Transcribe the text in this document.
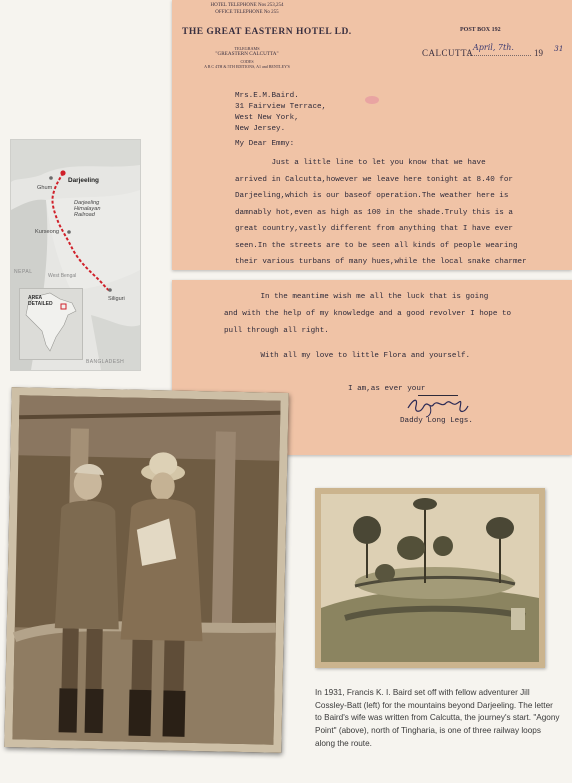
HOTEL TELEPHONE Nos 253,254
OFFICE TELEPHONE No 255
THE GREAT EASTERN HOTEL LD.
TELEGRAMS
"GREASTERN CALCUTTA"
CODES
A B C 4TH & 5TH EDITIONS, A1 and BENTLEY'S
POST BOX 192
CALCUTTA
April, 7th.
19 31
Mrs.E.M.Baird.
31 Fairview Terrace,
West New York,
New Jersey.
My Dear Emmy:
Just a little line to let you know that we have
arrived in Calcutta,however we leave here tonight at 8.40 for
Darjeeling,which is our baseof operation.The weather here is
damnably hot,even as high as 100 in the shade.Truly this is a
great country,vastly different from anything that I have ever
seen.In the streets are to be seen all kinds of people wearing
their various turbans of many hues,while the local snake charmer
In the meantime wish me all the luck that is going
and with the help of my knowledge and a good revolver I hope to
pull through all right.
With all my love to little Flora and yourself.
I am,as ever your
Daddy Long Legs.
Ghum
Darjeeling
Darjeeling
Himalayan
Railroad
Kurseong
NEPAL
West Bengal
Siliguri
BANGLADESH
AREA
DETAILED
In 1931, Francis K. I. Baird set off with fellow adventurer Jill Cossley-Batt (left) for the mountains beyond Darjeeling. The letter to Baird's wife was written from Calcutta, the journey's start. "Agony Point" (above), north of Tingharia, is one of three railway loops along the route.
